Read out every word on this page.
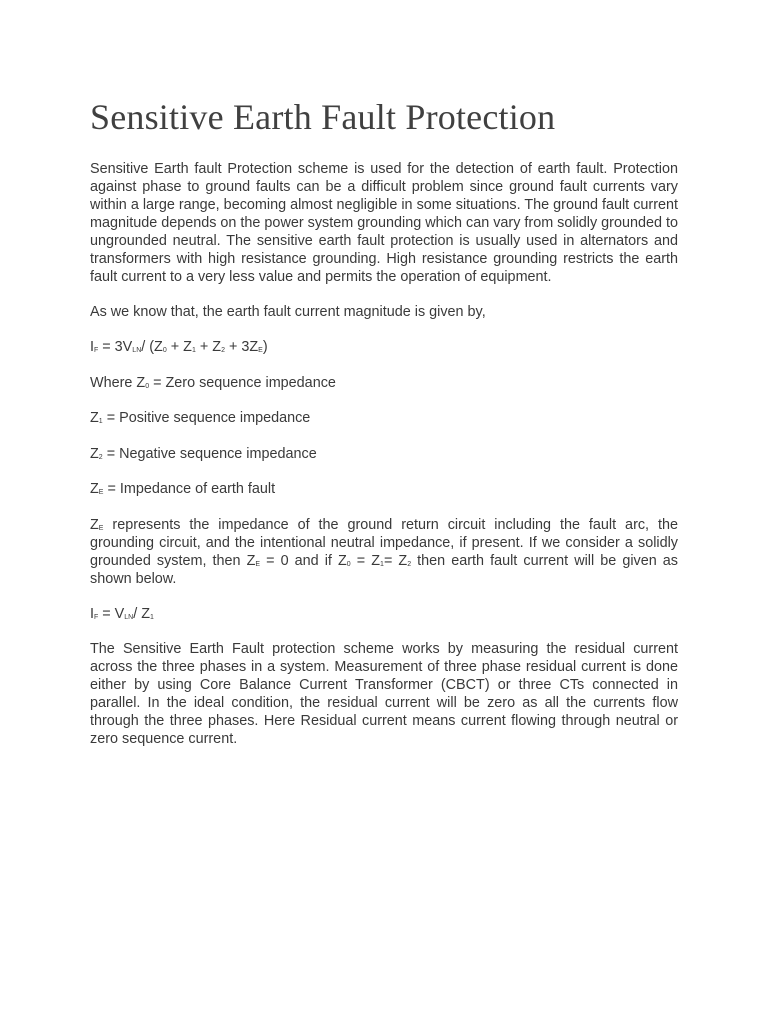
Sensitive Earth Fault Protection

Sensitive Earth fault Protection scheme is used for the detection of earth fault. Protection against phase to ground faults can be a difficult problem since ground fault currents vary within a large range, becoming almost negligible in some situations. The ground fault current magnitude depends on the power system grounding which can vary from solidly grounded to ungrounded neutral. The sensitive earth fault protection is usually used in alternators and transformers with high resistance grounding. High resistance grounding restricts the earth fault current to a very less value and permits the operation of equipment.

As we know that, the earth fault current magnitude is given by,

$I_F = 3V_{LN}/$ $(Z_0 + Z_1 + Z_2 + 3Z_E)$

Where $Z_0$ = Zero sequence impedance

$Z_1$ = Positive sequence impedance

$Z_2$ = Negative sequence impedance

$Z_E$ = Impedance of earth fault

$Z_E$ represents the impedance of the ground return circuit including the fault arc, the grounding circuit, and the intentional neutral impedance, if present. If we consider a solidly grounded system, then $Z_E = 0$ and if $Z_0 = Z_1= Z_2$ then earth fault current will be given as shown below.

$I_F = V_{LN}/$ $Z_1$

The Sensitive Earth Fault protection scheme works by measuring the residual current across the three phases in a system. Measurement of three phase residual current is done either by using Core Balance Current Transformer (CBCT) or three CTs connected in parallel. In the ideal condition, the residual current will be zero as all the currents flow through the three phases. Here Residual current means current flowing through neutral or zero sequence current.
